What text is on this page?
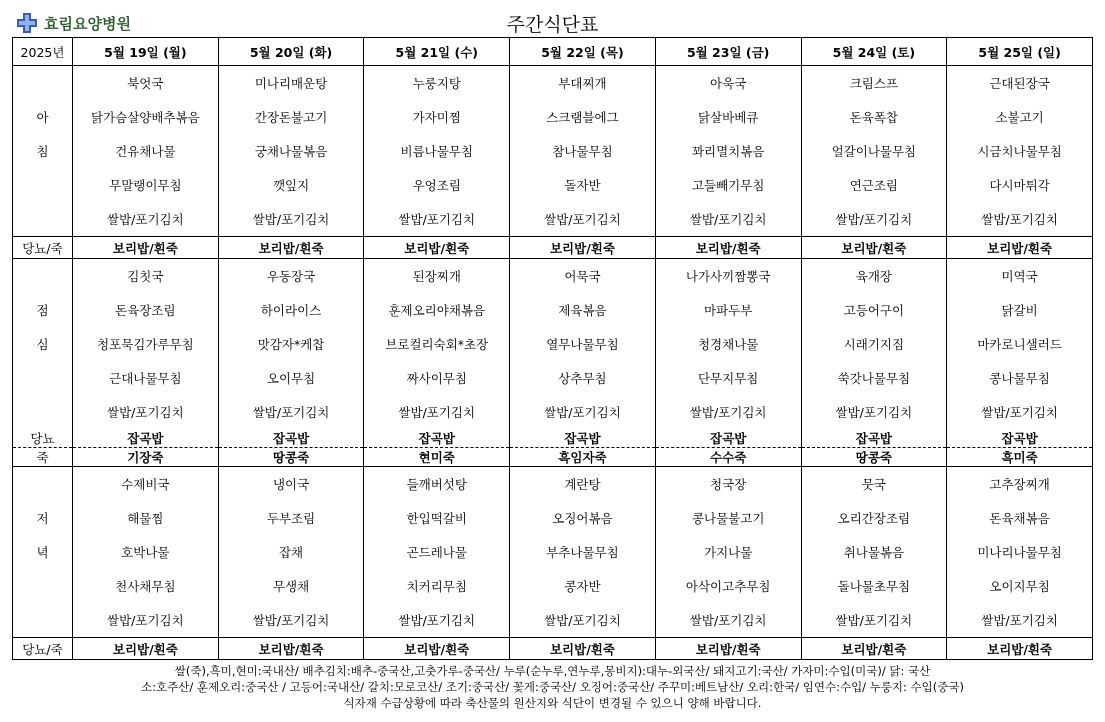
효림요양병원	주간식단표
2025년	5월 19일 (월)	5월 20일 (화)	5월 21일 (수)	5월 22일 (목)	5월 23일 (금)	5월 24일 (토)	5월 25일 (일)
	북엇국	미나리매운탕	누룽지탕	부대찌개	아욱국	크림스프	근대된장국
아	닭가슴살양배추볶음	간장돈불고기	가자미찜	스크램블에그	닭살바베큐	돈육폭찹	소불고기
침	건유채나물	궁채나물볶음	비름나물무침	참나물무침	꽈리멸치볶음	얼갈이나물무침	시금치나물무침
	무말랭이무침	깻잎지	우엉조림	돌자반	고들빼기무침	연근조림	다시마튀각
	쌀밥/포기김치	쌀밥/포기김치	쌀밥/포기김치	쌀밥/포기김치	쌀밥/포기김치	쌀밥/포기김치	쌀밥/포기김치
당뇨/죽	보리밥/흰죽	보리밥/흰죽	보리밥/흰죽	보리밥/흰죽	보리밥/흰죽	보리밥/흰죽	보리밥/흰죽
	김칫국	우동장국	된장찌개	어묵국	나가사끼짬뽕국	육개장	미역국
점	돈육장조림	하이라이스	훈제오리야채볶음	제육볶음	마파두부	고등어구이	닭갈비
심	청포묵김가루무침	맛감자*케찹	브로컬리숙회*초장	열무나물무침	청경채나물	시래기지짐	마카로니샐러드
	근대나물무침	오이무침	짜사이무침	상추무침	단무지무침	쑥갓나물무침	콩나물무침
	쌀밥/포기김치	쌀밥/포기김치	쌀밥/포기김치	쌀밥/포기김치	쌀밥/포기김치	쌀밥/포기김치	쌀밥/포기김치
당뇨	잡곡밥	잡곡밥	잡곡밥	잡곡밥	잡곡밥	잡곡밥	잡곡밥
죽	기장죽	땅콩죽	현미죽	흑임자죽	수수죽	땅콩죽	흑미죽
	수제비국	냉이국	들깨버섯탕	계란탕	청국장	뭇국	고추장찌개
저	해물찜	두부조림	한입떡갈비	오징어볶음	콩나물불고기	오리간장조림	돈육채볶음
녁	호박나물	잡채	곤드레나물	부추나물무침	가지나물	취나물볶음	미나리나물무침
	천사채무침	무생채	치커리무침	콩자반	아삭이고추무침	돌나물초무침	오이지무침
	쌀밥/포기김치	쌀밥/포기김치	쌀밥/포기김치	쌀밥/포기김치	쌀밥/포기김치	쌀밥/포기김치	쌀밥/포기김치
당뇨/죽	보리밥/흰죽	보리밥/흰죽	보리밥/흰죽	보리밥/흰죽	보리밥/흰죽	보리밥/흰죽	보리밥/흰죽
쌀(죽),흑미,현미:국내산/ 배추김치:배추-중국산,고춧가루-중국산/ 누루(순누루,연누루,몽비지):대누-외국산/ 돼지고기:국산/ 가자미:수입(미국)/ 닭: 국산
소:호주산/ 훈제오리:중국산 / 고등어:국내산/ 갈치:모로코산/ 조기:중국산/ 꽃게:중국산/ 오징어:중국산/ 주꾸미:베트남산/ 오리:한국/ 임연수:수입/ 누룽지: 수입(중국)
식자재 수급상황에 따라 축산물의 원산지와 식단이 변경될 수 있으니 양해 바랍니다.
